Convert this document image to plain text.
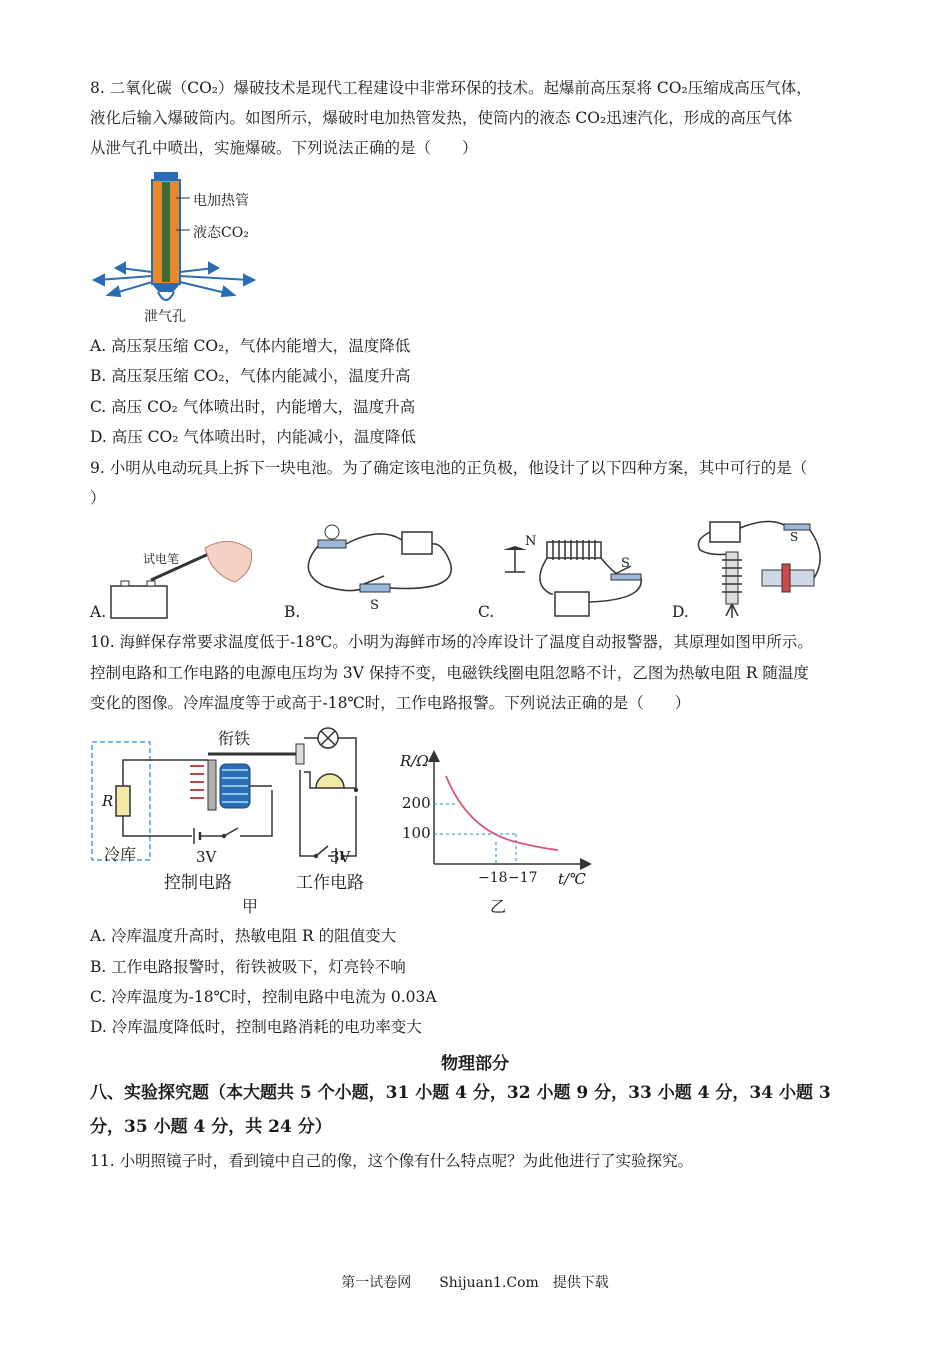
8. 二氧化碳（CO₂）爆破技术是现代工程建设中非常环保的技术。起爆前高压泵将 CO₂压缩成高压气体，
液化后输入爆破筒内。如图所示，爆破时电加热管发热，使筒内的液态 CO₂迅速汽化，形成的高压气体
从泄气孔中喷出，实施爆破。下列说法正确的是（　　）
电加热管
液态CO₂
泄气孔
A. 高压泵压缩 CO₂，气体内能增大，温度降低
B. 高压泵压缩 CO₂，气体内能减小，温度升高
C. 高压 CO₂ 气体喷出时，内能增大，温度升高
D. 高压 CO₂ 气体喷出时，内能减小，温度降低
9. 小明从电动玩具上拆下一块电池。为了确定该电池的正负极，他设计了以下四种方案，其中可行的是（
）
试电笔
A.	S
B.
N
S
C.
S
D.
10. 海鲜保存常要求温度低于-18℃。小明为海鲜市场的冷库设计了温度自动报警器，其原理如图甲所示。
控制电路和工作电路的电源电压均为 3V 保持不变，电磁铁线圈电阻忽略不计，乙图为热敏电阻 R 随温度
变化的图像。冷库温度等于或高于-18℃时，工作电路报警。下列说法正确的是（　　）
衔铁
R
冷库	3V	3V
控制电路	工作电路
甲
R/Ω
200
100
−18 −17 t/℃
乙
A. 冷库温度升高时，热敏电阻 R 的阻值变大
B. 工作电路报警时，衔铁被吸下，灯亮铃不响
C. 冷库温度为-18℃时，控制电路中电流为 0.03A
D. 冷库温度降低时，控制电路消耗的电功率变大
物理部分
八、实验探究题（本大题共 5 个小题，31 小题 4 分，32 小题 9 分，33 小题 4 分，34 小题 3
分，35 小题 4 分，共 24 分）
11. 小明照镜子时，看到镜中自己的像，这个像有什么特点呢？为此他进行了实验探究。
第一试卷网　　Shijuan1.Com　提供下载
